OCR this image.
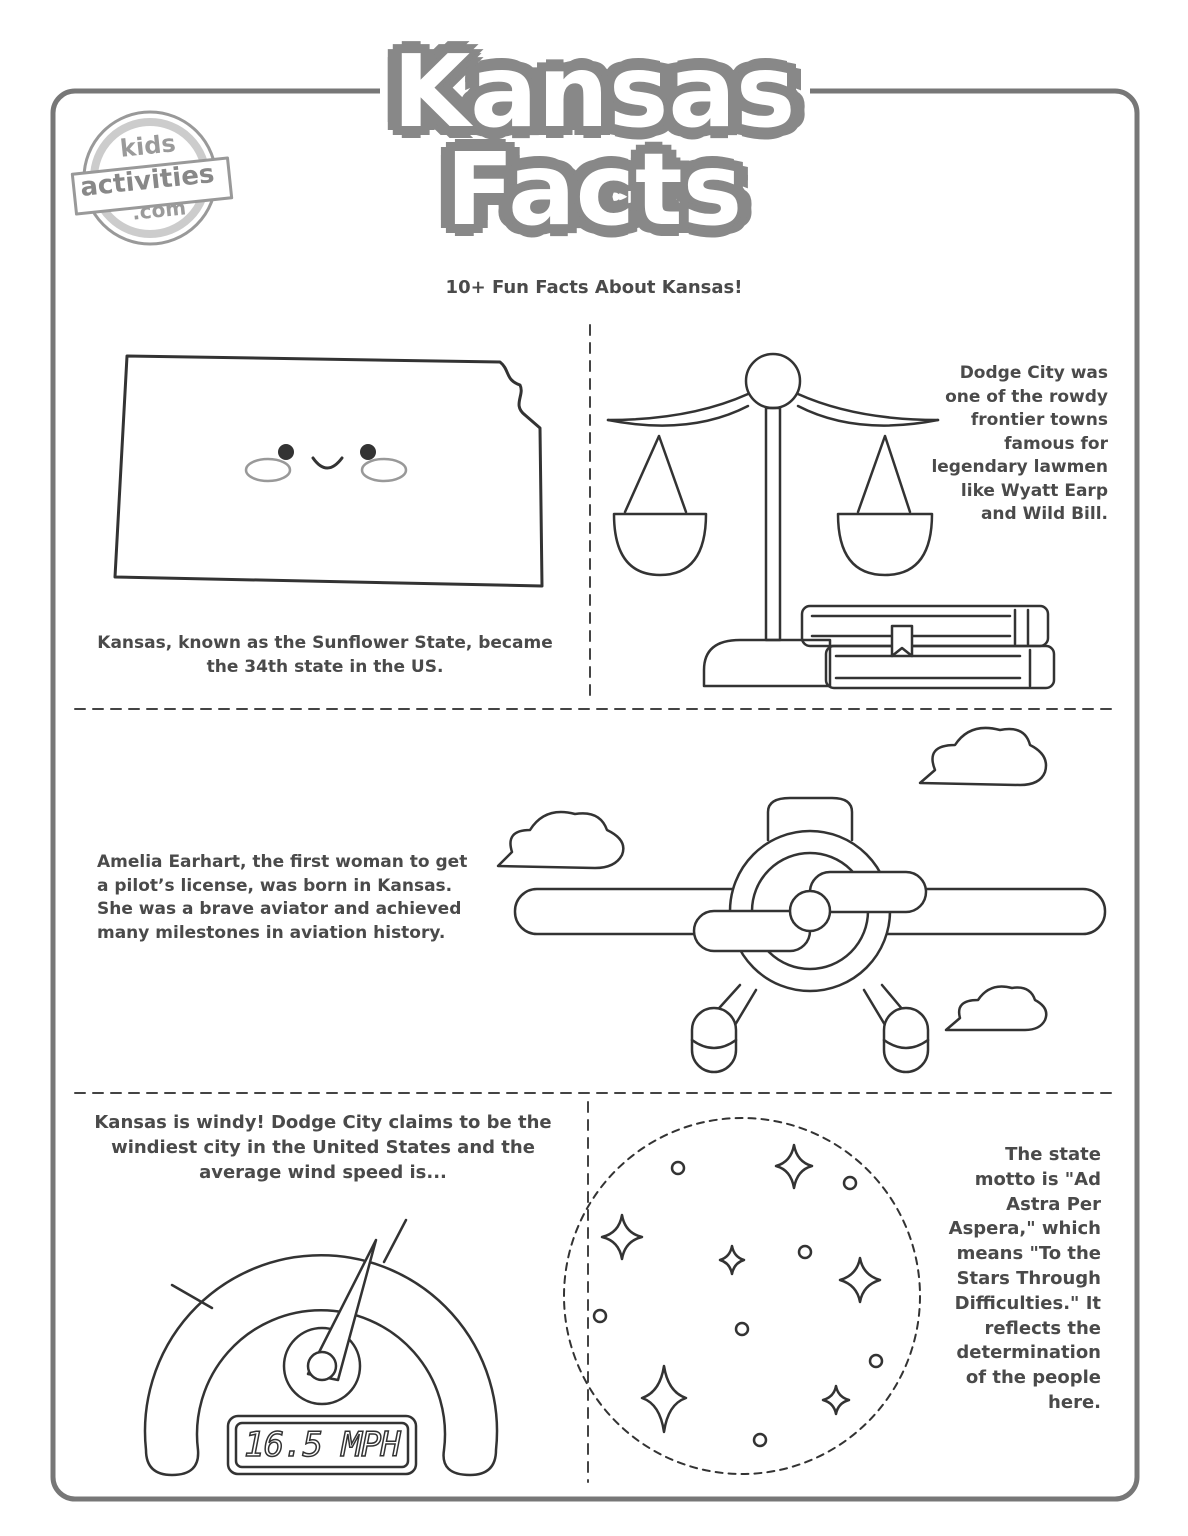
Kansas
Facts
kids
activities
.com
10+ Fun Facts About Kansas!
Kansas, known as the Sunflower State, became the 34th state in the US.
Dodge City was one of the rowdy frontier towns famous for legendary lawmen like Wyatt Earp and Wild Bill.
Amelia Earhart, the first woman to get a pilot’s license, was born in Kansas. She was a brave aviator and achieved many milestones in aviation history.
Kansas is windy! Dodge City claims to be the windiest city in the United States and the average wind speed is...
The state motto is "Ad Astra Per Aspera," which means "To the Stars Through Difficulties." It reflects the determination of the people here.
16.5 MPH
